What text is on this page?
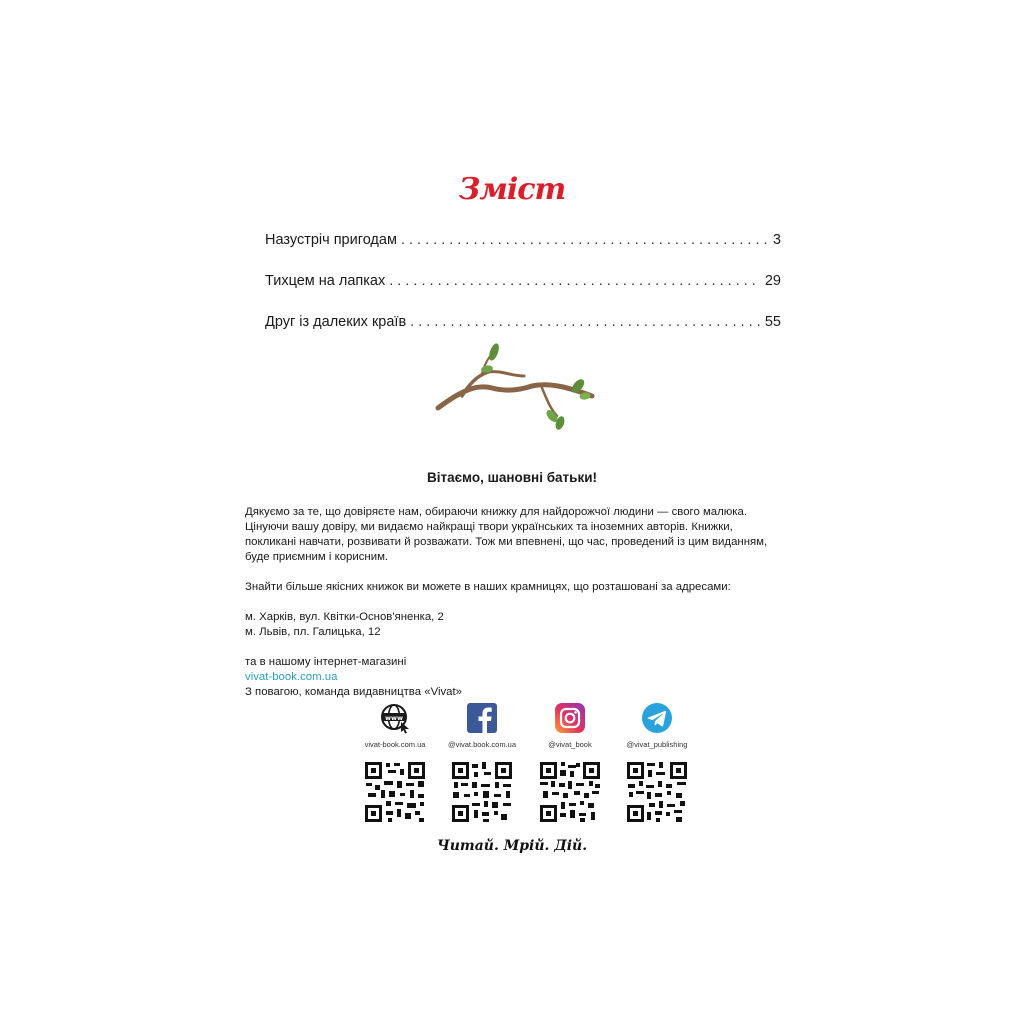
Зміст
Назустріч пригодам . . .	3
Тихцем на лапках . . .	29
Друг із далеких країв . . .	55
Вітаємо, шановні батьки!

Дякуємо за те, що довіряєте нам, обираючи книжку для найдорожчої людини — свого малюка. Цінуючи вашу довіру, ми видаємо найкращі твори українських та іноземних авторів. Книжки, покликані навчати, розвивати й розважати. Тож ми впевнені, що час, проведений із цим виданням, буде приємним і корисним.

Знайти більше якісних книжок ви можете в наших крамницях, що розташовані за адресами:

м. Харків, вул. Квітки-Основ'яненка, 2

м. Львів, пл. Галицька, 12

та в нашому інтернет-магазині

vivat-book.com.ua

З повагою, команда видавництва «Vivat»

www
vivat-book.com.ua	@vivat.book.com.ua	@vivat_book	@vivat_publishing
Читай. Мрій. Дій.
